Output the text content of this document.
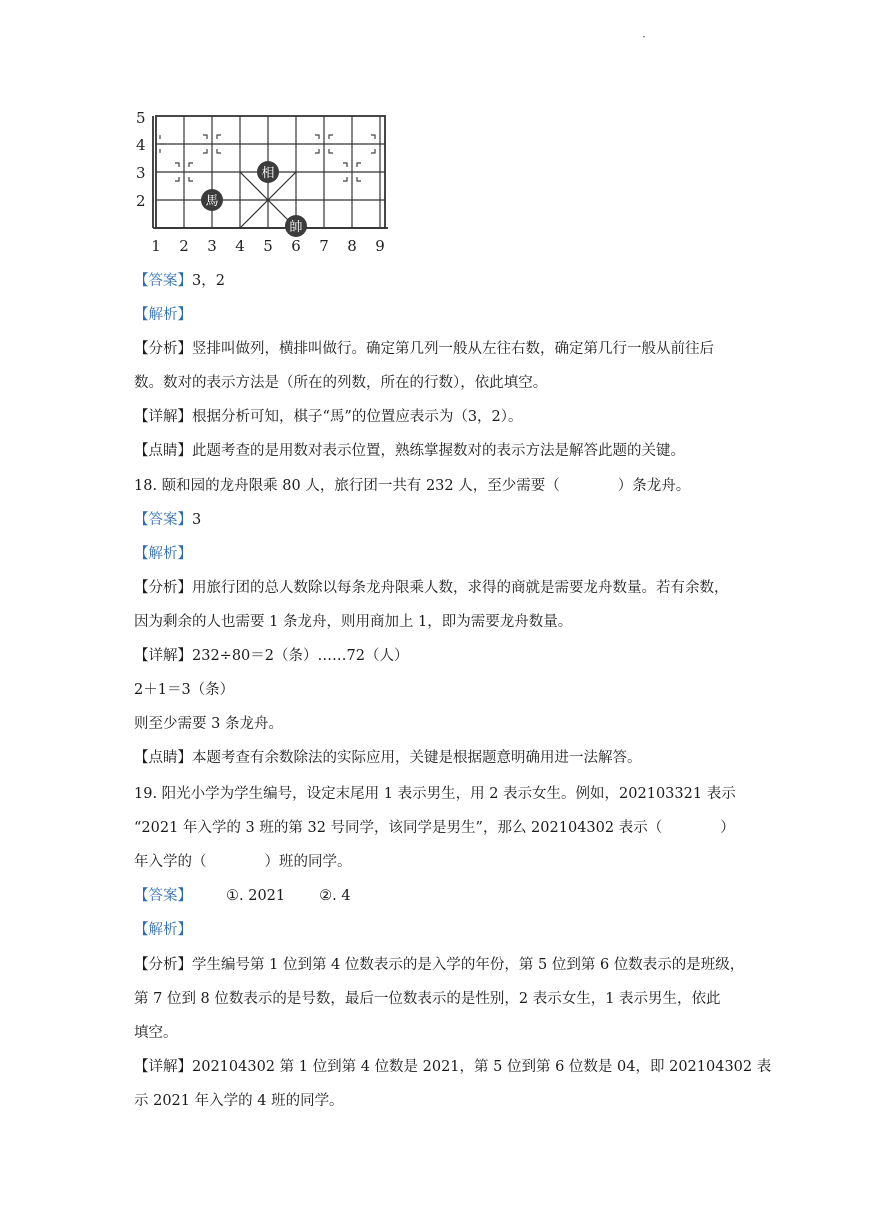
·
5
4
3
2
相
馬
帥
1 2 3 4 5 6 7 8 9
【答案】3，2
【解析】
【分析】竖排叫做列，横排叫做行。确定第几列一般从左往右数，确定第几行一般从前往后
数。数对的表示方法是（所在的列数，所在的行数），依此填空。
【详解】根据分析可知，棋子“馬”的位置应表示为（3，2）。
【点睛】此题考查的是用数对表示位置，熟练掌握数对的表示方法是解答此题的关键。
18. 颐和园的龙舟限乘 80 人，旅行团一共有 232 人，至少需要（　　　　）条龙舟。
【答案】3
【解析】
【分析】用旅行团的总人数除以每条龙舟限乘人数，求得的商就是需要龙舟数量。若有余数，
因为剩余的人也需要 1 条龙舟，则用商加上 1，即为需要龙舟数量。
【详解】232÷80＝2（条）……72（人）
2＋1＝3（条）
则至少需要 3 条龙舟。
【点睛】本题考查有余数除法的实际应用，关键是根据题意明确用进一法解答。
19. 阳光小学为学生编号，设定末尾用 1 表示男生，用 2 表示女生。例如，202103321 表示
“2021 年入学的 3 班的第 32 号同学，该同学是男生”，那么 202104302 表示（　　　　）
年入学的（　　　　）班的同学。
【答案】 ①. 2021 ②. 4
【解析】
【分析】学生编号第 1 位到第 4 位数表示的是入学的年份，第 5 位到第 6 位数表示的是班级，
第 7 位到 8 位数表示的是号数，最后一位数表示的是性别，2 表示女生，1 表示男生，依此
填空。
【详解】202104302 第 1 位到第 4 位数是 2021，第 5 位到第 6 位数是 04，即 202104302 表
示 2021 年入学的 4 班的同学。
